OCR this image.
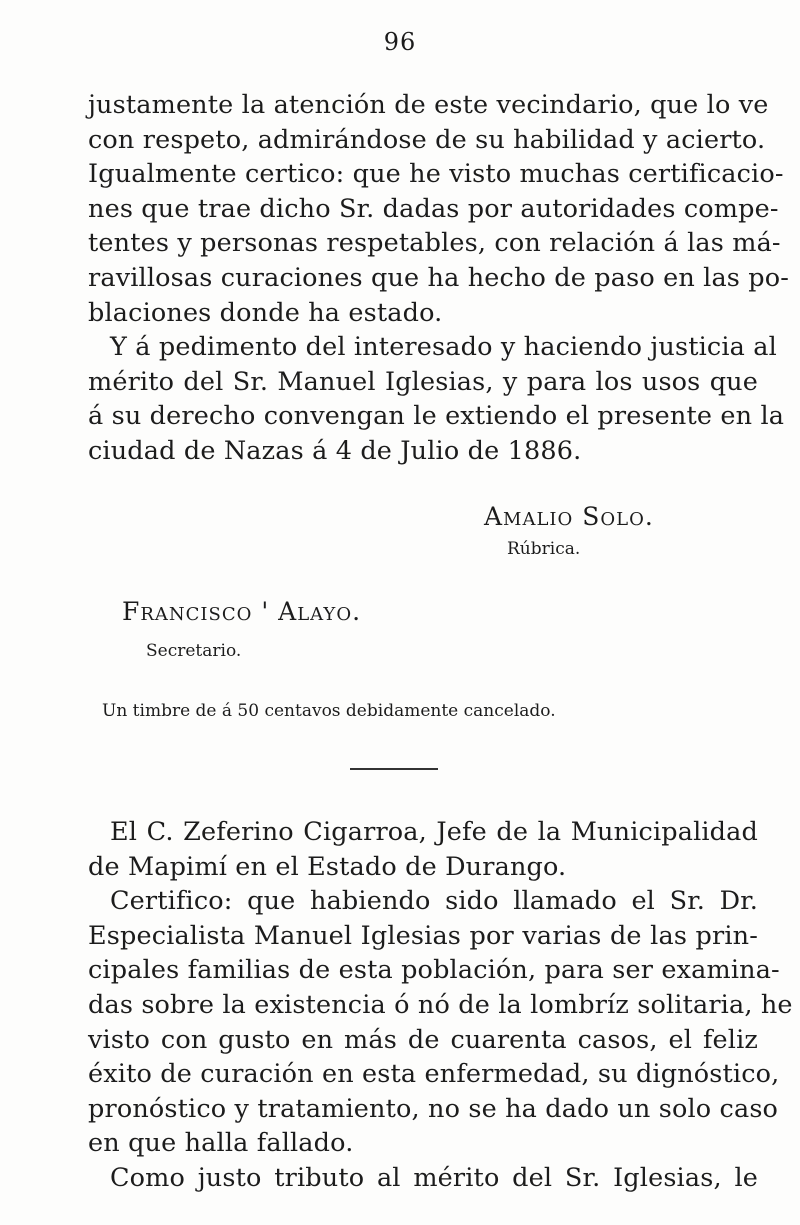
96
justamente la atención de este vecindario, que lo ve
con respeto, admirándose de su habilidad y acierto.
Igualmente certico: que he visto muchas certificacio-
nes que trae dicho Sr. dadas por autoridades compe-
tentes y personas respetables, con relación á las má-
ravillosas curaciones que ha hecho de paso en las po-
blaciones donde ha estado.
Y á pedimento del interesado y haciendo justicia al
mérito del Sr. Manuel Iglesias, y para los usos que
á su derecho convengan le extiendo el presente en la
ciudad de Nazas á 4 de Julio de 1886.
Amalio Solo.
Rúbrica.
Francisco ' Alayo.
Secretario.
Un timbre de á 50 centavos debidamente cancelado.
El C. Zeferino Cigarroa, Jefe de la Municipalidad
de Mapimí en el Estado de Durango.
Certifico: que habiendo sido llamado el Sr. Dr.
Especialista Manuel Iglesias por varias de las prin-
cipales familias de esta población, para ser examina-
das sobre la existencia ó nó de la lombríz solitaria, he
visto con gusto en más de cuarenta casos, el feliz
éxito de curación en esta enfermedad, su dignóstico,
pronóstico y tratamiento, no se ha dado un solo caso
en que halla fallado.
Como justo tributo al mérito del Sr. Iglesias, le
